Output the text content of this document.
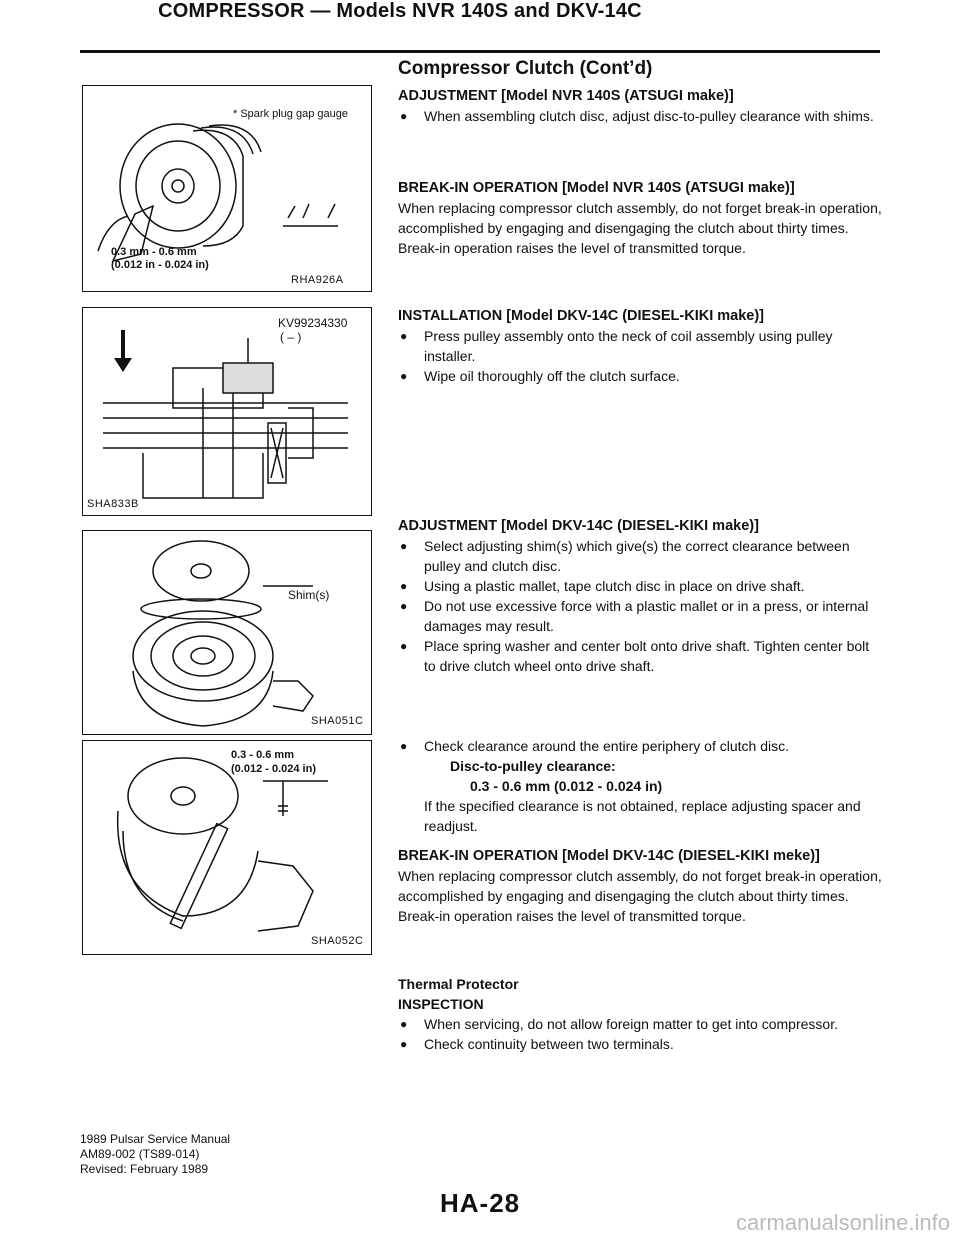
COMPRESSOR — Models NVR 140S and DKV-14C
* Spark plug gap gauge
0.3 mm - 0.6 mm
(0.012 in - 0.024 in)
RHA926A
KV99234330
( – )
SHA833B
Shim(s)
SHA051C
0.3 - 0.6 mm
(0.012 - 0.024 in)
SHA052C
Compressor Clutch (Cont’d)

ADJUSTMENT [Model NVR 140S (ATSUGI make)]

● When assembling clutch disc, adjust disc-to-pulley clearance with shims.

BREAK-IN OPERATION [Model NVR 140S (ATSUGI make)]

When replacing compressor clutch assembly, do not forget break-in operation, accomplished by engaging and disengaging the clutch about thirty times.

Break-in operation raises the level of transmitted torque.

INSTALLATION [Model DKV-14C (DIESEL-KIKI make)]

● Press pulley assembly onto the neck of coil assembly using pulley installer.

● Wipe oil thoroughly off the clutch surface.

ADJUSTMENT [Model DKV-14C (DIESEL-KIKI make)]

● Select adjusting shim(s) which give(s) the correct clearance between pulley and clutch disc.

● Using a plastic mallet, tape clutch disc in place on drive shaft.

● Do not use excessive force with a plastic mallet or in a press, or internal damages may result.

● Place spring washer and center bolt onto drive shaft. Tighten center bolt to drive clutch wheel onto drive shaft.

● Check clearance around the entire periphery of clutch disc.

Disc-to-pulley clearance:

0.3 - 0.6 mm (0.012 - 0.024 in)

If the specified clearance is not obtained, replace adjusting spacer and readjust.

BREAK-IN OPERATION [Model DKV-14C (DIESEL-KIKI meke)]

When replacing compressor clutch assembly, do not forget break-in operation, accomplished by engaging and disengaging the clutch about thirty times. Break-in operation raises the level of transmitted torque.

Thermal Protector

INSPECTION

● When servicing, do not allow foreign matter to get into compressor.

● Check continuity between two terminals.

1989 Pulsar Service Manual
AM89-002 (TS89-014)
Revised: February 1989
HA-28
carmanualsonline.info
